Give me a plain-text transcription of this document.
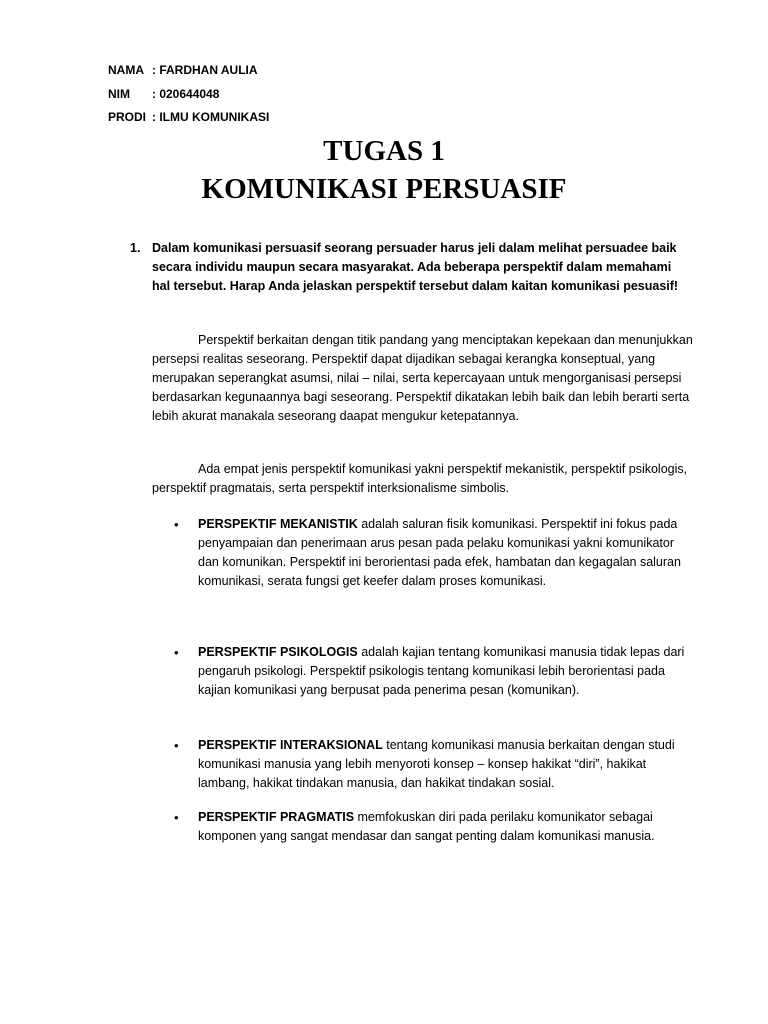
NAMA : FARDHAN AULIA
NIM : 020644048
PRODI : ILMU KOMUNIKASI
TUGAS 1
KOMUNIKASI PERSUASIF
1. Dalam komunikasi persuasif seorang persuader harus jeli dalam melihat persuadee baik secara individu maupun secara masyarakat. Ada beberapa perspektif dalam memahami hal tersebut. Harap Anda jelaskan perspektif tersebut dalam kaitan komunikasi pesuasif!
Perspektif berkaitan dengan titik pandang yang menciptakan kepekaan dan menunjukkan persepsi realitas seseorang. Perspektif dapat dijadikan sebagai kerangka konseptual, yang merupakan seperangkat asumsi, nilai – nilai, serta kepercayaan untuk mengorganisasi persepsi berdasarkan kegunaannya bagi seseorang. Perspektif dikatakan lebih baik dan lebih berarti serta lebih akurat manakala seseorang daapat mengukur ketepatannya.
Ada empat jenis perspektif komunikasi yakni perspektif mekanistik, perspektif psikologis, perspektif pragmatais, serta perspektif interksionalisme simbolis.
• PERSPEKTIF MEKANISTIK adalah saluran fisik komunikasi. Perspektif ini fokus pada penyampaian dan penerimaan arus pesan pada pelaku komunikasi yakni komunikator dan komunikan. Perspektif ini berorientasi pada efek, hambatan dan kegagalan saluran komunikasi, serata fungsi get keefer dalam proses komunikasi.
• PERSPEKTIF PSIKOLOGIS adalah kajian tentang komunikasi manusia tidak lepas dari pengaruh psikologi. Perspektif psikologis tentang komunikasi lebih berorientasi pada kajian komunikasi yang berpusat pada penerima pesan (komunikan).
• PERSPEKTIF INTERAKSIONAL tentang komunikasi manusia berkaitan dengan studi komunikasi manusia yang lebih menyoroti konsep – konsep hakikat “diri”, hakikat lambang, hakikat tindakan manusia, dan hakikat tindakan sosial.
• PERSPEKTIF PRAGMATIS memfokuskan diri pada perilaku komunikator sebagai komponen yang sangat mendasar dan sangat penting dalam komunikasi manusia.
